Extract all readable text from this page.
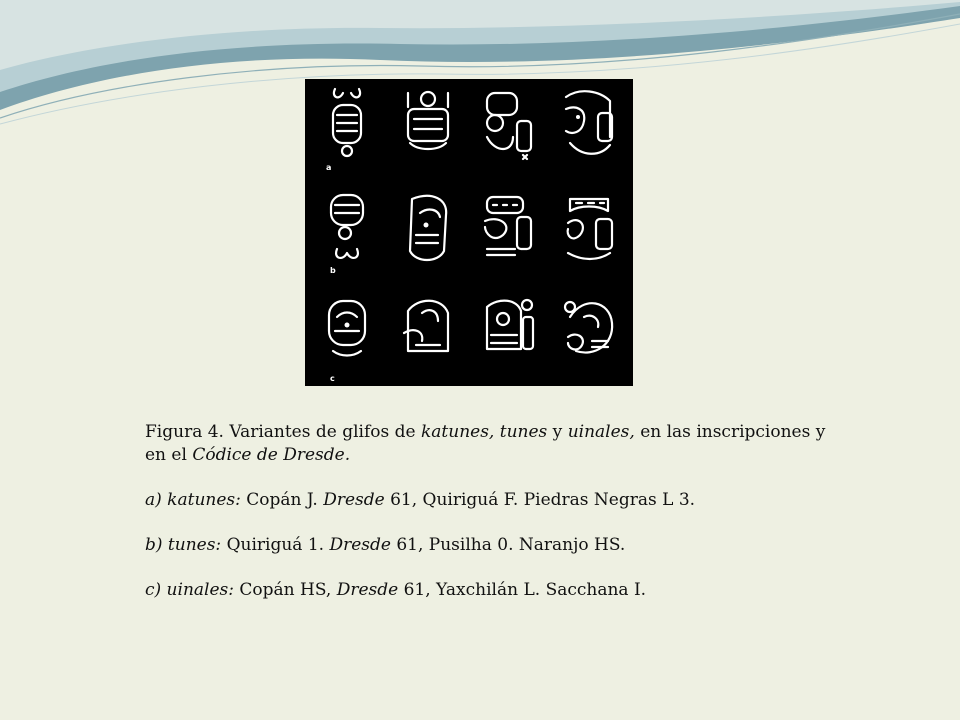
a
b
c

Figura 4. Variantes de glifos de katunes, tunes y uinales, en las inscripciones y en el Códice de Dresde.

a) katunes: Copán J. Dresde 61, Quiriguá F. Piedras Negras L 3.

b) tunes: Quiriguá 1. Dresde 61, Pusilha 0. Naranjo HS.

c) uinales: Copán HS, Dresde 61, Yaxchilán L. Sacchana I.
